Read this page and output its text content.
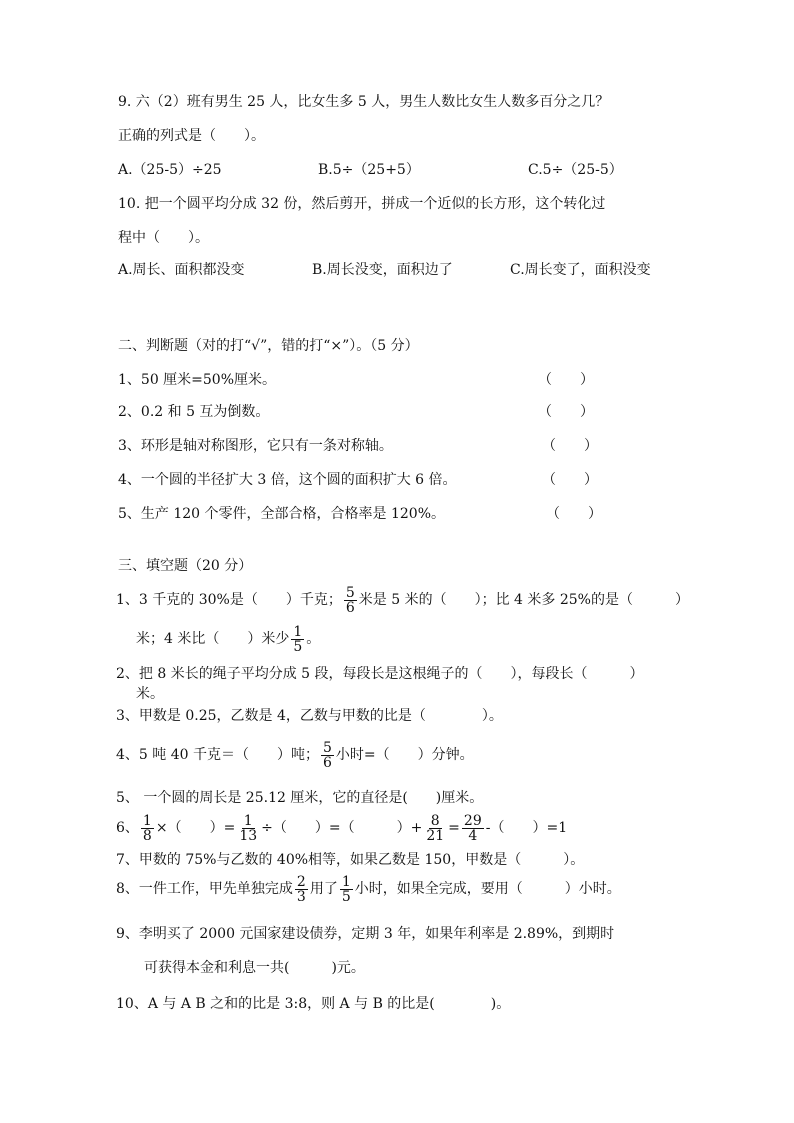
9. 六（2）班有男生 25 人，比女生多 5 人，男生人数比女生人数多百分之几？
正确的列式是（　　）。
A.（25-5）÷25	B.5÷（25+5）	C.5÷（25-5）
10. 把一个圆平均分成 32 份，然后剪开，拼成一个近似的长方形，这个转化过
程中（　　）。
A.周长、面积都没变	B.周长没变，面积边了	C.周长变了，面积没变
二、判断题（对的打“√”，错的打“×”）。（5 分）
1、50 厘米=50%厘米。	（　　）
2、0.2 和 5 互为倒数。	（　　）
3、环形是轴对称图形，它只有一条对称轴。	（　　）
4、一个圆的半径扩大 3 倍，这个圆的面积扩大 6 倍。	（　　）
5、生产 120 个零件，全部合格，合格率是 120%。	（　　）
三、填空题（20 分）
1、3 千克的 30%是（　　）千克； $\frac{5}{6}$ 米是 5 米的（　　）；比 4 米多 25%的是（　　　）
米；4 米比（　　）米少 $\frac{1}{5}$ 。
2、把 8 米长的绳子平均分成 5 段，每段长是这根绳子的（　　），每段长（　　　）
米。
3、甲数是 0.25，乙数是 4，乙数与甲数的比是（　　　　）。
4、5 吨 40 千克＝（　　）吨； $\frac{5}{6}$ 小时=（　　）分钟。
5、 一个圆的周长是 25.12 厘米，它的直径是(　　)厘米。
6、 $\frac{1}{8}$ ×（　　）= $\frac{1}{13}$ ÷（　　）=（　　　）+ $\frac{8}{21} = \frac{29}{4}$ -（　　）=1
7、甲数的 75%与乙数的 40%相等，如果乙数是 150，甲数是（　　　）。
8、一件工作，甲先单独完成 $\frac{2}{3}$ 用了 $\frac{1}{5}$ 小时，如果全完成，要用（　　　）小时。
9、李明买了 2000 元国家建设债券，定期 3 年，如果年利率是 2.89%，到期时
可获得本金和利息一共(　　　)元。
10、A 与 A B 之和的比是 3:8，则 A 与 B 的比是(　　　　)。
